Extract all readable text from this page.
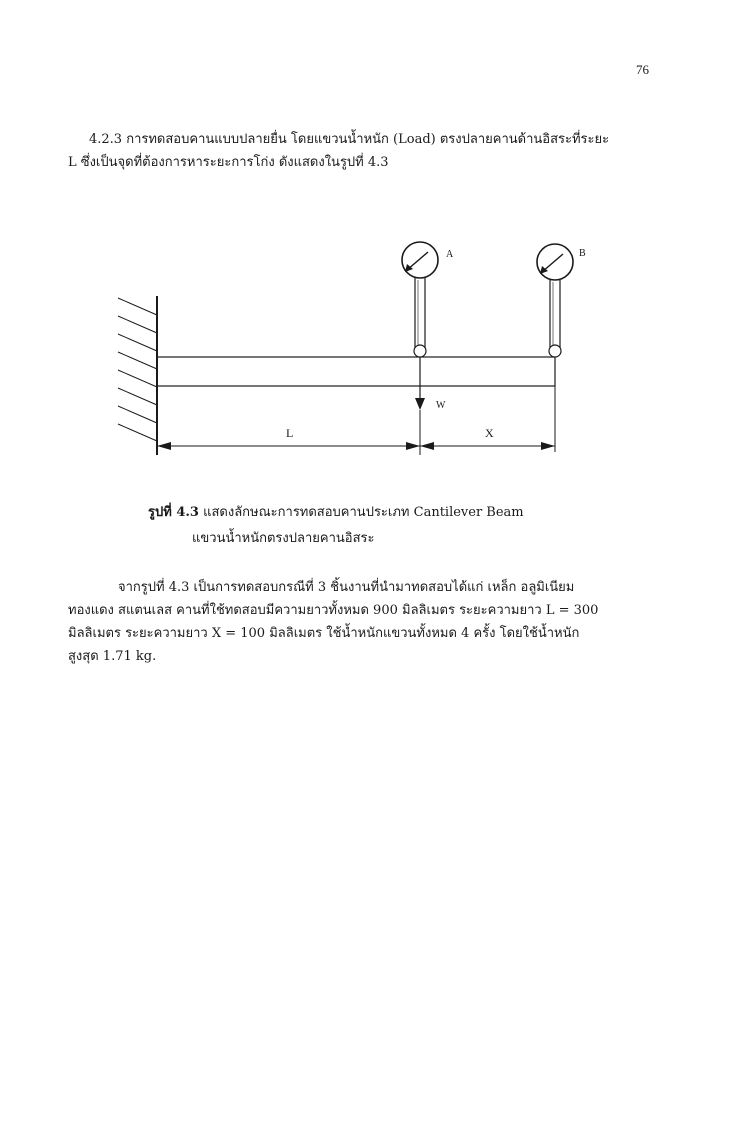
76

4.2.3 การทดสอบคานแบบปลายยื่น โดยแขวนน้ำหนัก (Load) ตรงปลายคานด้านอิสระที่ระยะ
L ซึ่งเป็นจุดที่ต้องการหาระยะการโก่ง ดังแสดงในรูปที่ 4.3

A	B
W
L	X
รูปที่ 4.3 แสดงลักษณะการทดสอบคานประเภท Cantilever Beam
แขวนน้ำหนักตรงปลายคานอิสระ

จากรูปที่ 4.3 เป็นการทดสอบกรณีที่ 3 ชิ้นงานที่นำมาทดสอบได้แก่ เหล็ก อลูมิเนียม
ทองแดง สแตนเลส คานที่ใช้ทดสอบมีความยาวทั้งหมด 900 มิลลิเมตร ระยะความยาว L = 300
มิลลิเมตร ระยะความยาว X = 100 มิลลิเมตร ใช้น้ำหนักแขวนทั้งหมด 4 ครั้ง โดยใช้น้ำหนัก
สูงสุด 1.71 kg.
